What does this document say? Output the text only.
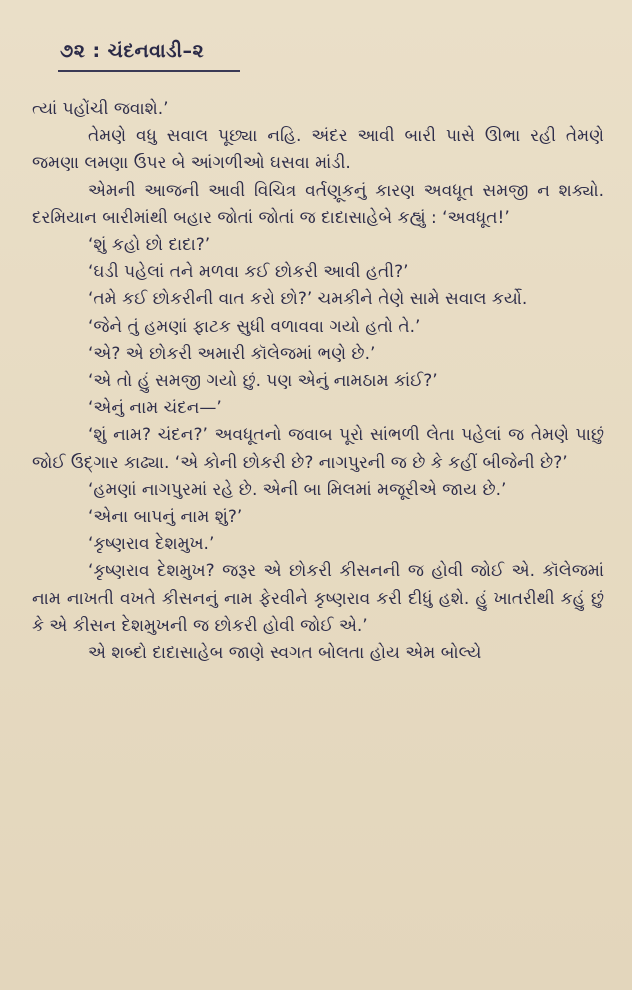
૭૨ : ચંદનવાડી–૨

ત્યાં પહોંચી જવાશે.’

તેમણે વધુ સવાલ પૂછ્યા નહિ. અંદર આવી બારી પાસે ઊભા રહી તેમણે જમણા લમણા ઉપર બે આંગળીઓ ઘસવા માંડી.

એમની આજની આવી વિચિત્ર વર્તણૂકનું કારણ અવધૂત સમજી ન શક્યો. દરમિયાન બારીમાંથી બહાર જોતાં જોતાં જ દાદાસાહેબે કહ્યું : ‘અવધૂત!’

‘શું કહો છો દાદા?’

‘ઘડી પહેલાં તને મળવા કઈ છોકરી આવી હતી?’

‘તમે કઈ છોકરીની વાત કરો છો?’ ચમકીને તેણે સામે સવાલ કર્યો.

‘જેને તું હમણાં ફાટક સુધી વળાવવા ગયો હતો તે.’

‘એ? એ છોકરી અમારી કૉલેજમાં ભણે છે.’

‘એ તો હું સમજી ગયો છું. પણ એનું નામઠામ કાંઈ?’

‘એનું નામ ચંદન—’

‘શું નામ? ચંદન?’ અવધૂતનો જવાબ પૂરો સાંભળી લેતા પહેલાં જ તેમણે પાછું જોઈ ઉદ્ગાર કાઢ્યા. ‘એ કોની છોકરી છે? નાગપુરની જ છે કે કહીં બીજેની છે?’

‘હમણાં નાગપુરમાં રહે છે. એની બા મિલમાં મજૂરીએ જાય છે.’

‘એના બાપનું નામ શું?’

‘કૃષ્ણરાવ દેશમુખ.’

‘કૃષ્ણરાવ દેશમુખ? જરૂર એ છોકરી કીસનની જ હોવી જોઈ એ. કૉલેજમાં નામ નાખતી વખતે કીસનનું નામ ફેરવીને કૃષ્ણરાવ કરી દીધું હશે. હું ખાતરીથી કહું છું કે એ કીસન દેશમુખની જ છોકરી હોવી જોઈ એ.’

એ શબ્દો દાદાસાહેબ જાણે સ્વગત બોલતા હોય એમ બોલ્યે
